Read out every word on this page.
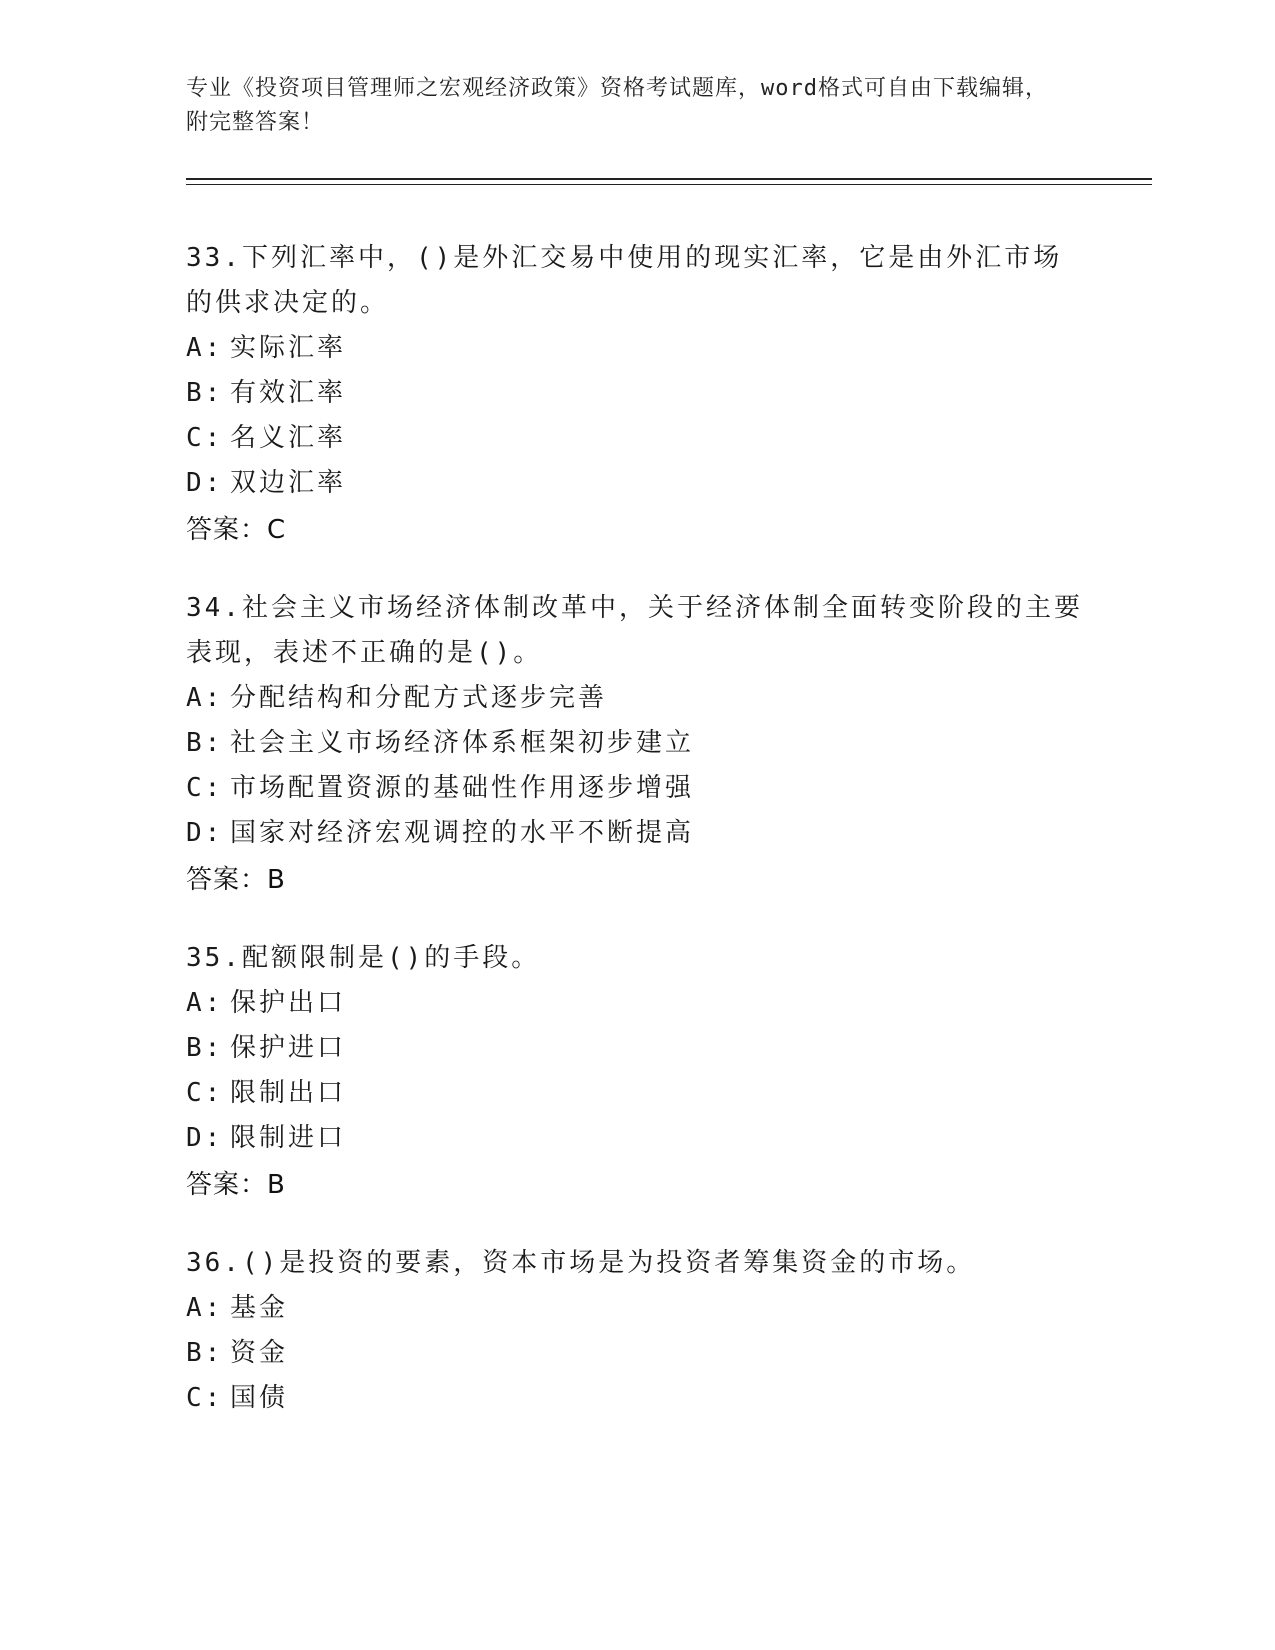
专业《投资项目管理师之宏观经济政策》资格考试题库，word格式可自由下载编辑，附完整答案！
33.下列汇率中，()是外汇交易中使用的现实汇率，它是由外汇市场的供求决定的。
A: 实际汇率
B: 有效汇率
C: 名义汇率
D: 双边汇率
答案：C
34.社会主义市场经济体制改革中，关于经济体制全面转变阶段的主要表现，表述不正确的是()。
A: 分配结构和分配方式逐步完善
B: 社会主义市场经济体系框架初步建立
C: 市场配置资源的基础性作用逐步增强
D: 国家对经济宏观调控的水平不断提高
答案：B
35.配额限制是()的手段。
A: 保护出口
B: 保护进口
C: 限制出口
D: 限制进口
答案：B
36.()是投资的要素，资本市场是为投资者筹集资金的市场。
A: 基金
B: 资金
C: 国债
